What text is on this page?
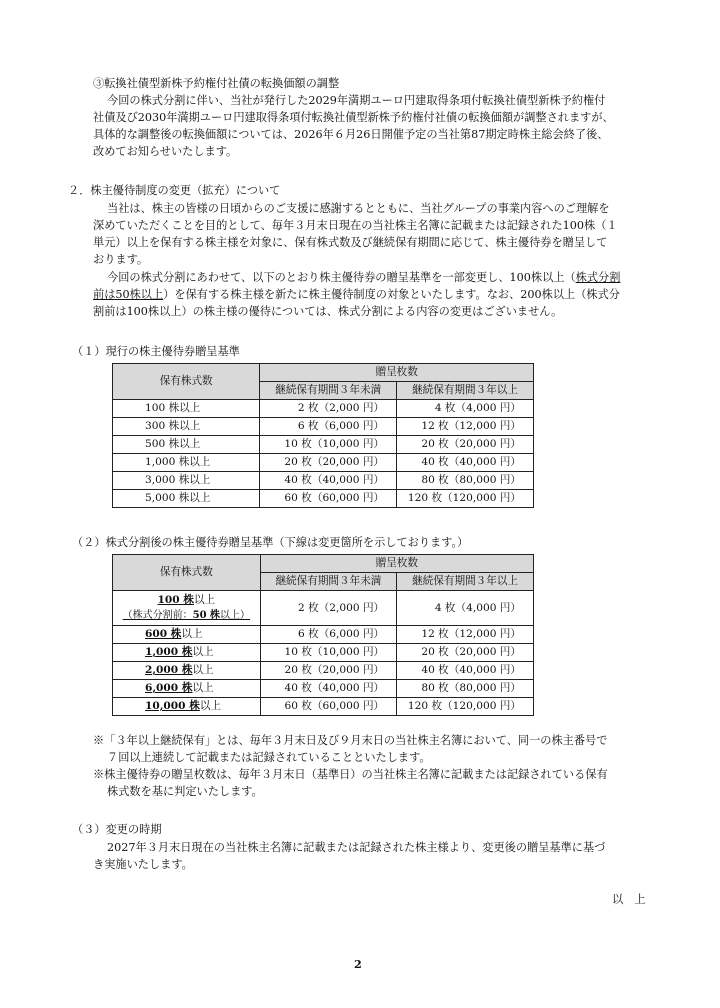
③転換社債型新株予約権付社債の転換価額の調整
今回の株式分割に伴い、当社が発行した2029年満期ユーロ円建取得条項付転換社債型新株予約権付
社債及び2030年満期ユーロ円建取得条項付転換社債型新株予約権付社債の転換価額が調整されますが、
具体的な調整後の転換価額については、2026年６月26日開催予定の当社第87期定時株主総会終了後、
改めてお知らせいたします。
２．株主優待制度の変更（拡充）について
当社は、株主の皆様の日頃からのご支援に感謝するとともに、当社グループの事業内容へのご理解を
深めていただくことを目的として、毎年３月末日現在の当社株主名簿に記載または記録された100株（１
単元）以上を保有する株主様を対象に、保有株式数及び継続保有期間に応じて、株主優待券を贈呈して
おります。
今回の株式分割にあわせて、以下のとおり株主優待券の贈呈基準を一部変更し、100株以上（株式分割
前は50株以上）を保有する株主様を新たに株主優待制度の対象といたします。なお、200株以上（株式分
割前は100株以上）の株主様の優待については、株式分割による内容の変更はございません。
（１）現行の株主優待券贈呈基準
保有株式数	贈呈枚数	
	継続保有期間３年未満	継続保有期間３年以上
100 株以上	2 枚（2,000 円）	4 枚（4,000 円）
300 株以上	6 枚（6,000 円）	12 枚（12,000 円）
500 株以上	10 枚（10,000 円）	20 枚（20,000 円）
1,000 株以上	20 枚（20,000 円）	40 枚（40,000 円）
3,000 株以上	40 枚（40,000 円）	80 枚（80,000 円）
5,000 株以上	60 枚（60,000 円）	120 枚（120,000 円）
（２）株式分割後の株主優待券贈呈基準（下線は変更箇所を示しております。）
保有株式数	贈呈枚数	
	継続保有期間３年未満	継続保有期間３年以上

100 株以上
（株式分割前：50 株以上）	2 枚（2,000 円）	4 枚（4,000 円）
600 株以上	6 枚（6,000 円）	12 枚（12,000 円）
1,000 株以上	10 枚（10,000 円）	20 枚（20,000 円）
2,000 株以上	20 枚（20,000 円）	40 枚（40,000 円）
6,000 株以上	40 枚（40,000 円）	80 枚（80,000 円）
10,000 株以上	60 枚（60,000 円）	120 枚（120,000 円）
※「３年以上継続保有」とは、毎年３月末日及び９月末日の当社株主名簿において、同一の株主番号で
７回以上連続して記載または記録されていることといたします。
※株主優待券の贈呈枚数は、毎年３月末日（基準日）の当社株主名簿に記載または記録されている保有
株式数を基に判定いたします。
（３）変更の時期
2027年３月末日現在の当社株主名簿に記載または記録された株主様より、変更後の贈呈基準に基づ
き実施いたします。
以　上
2
